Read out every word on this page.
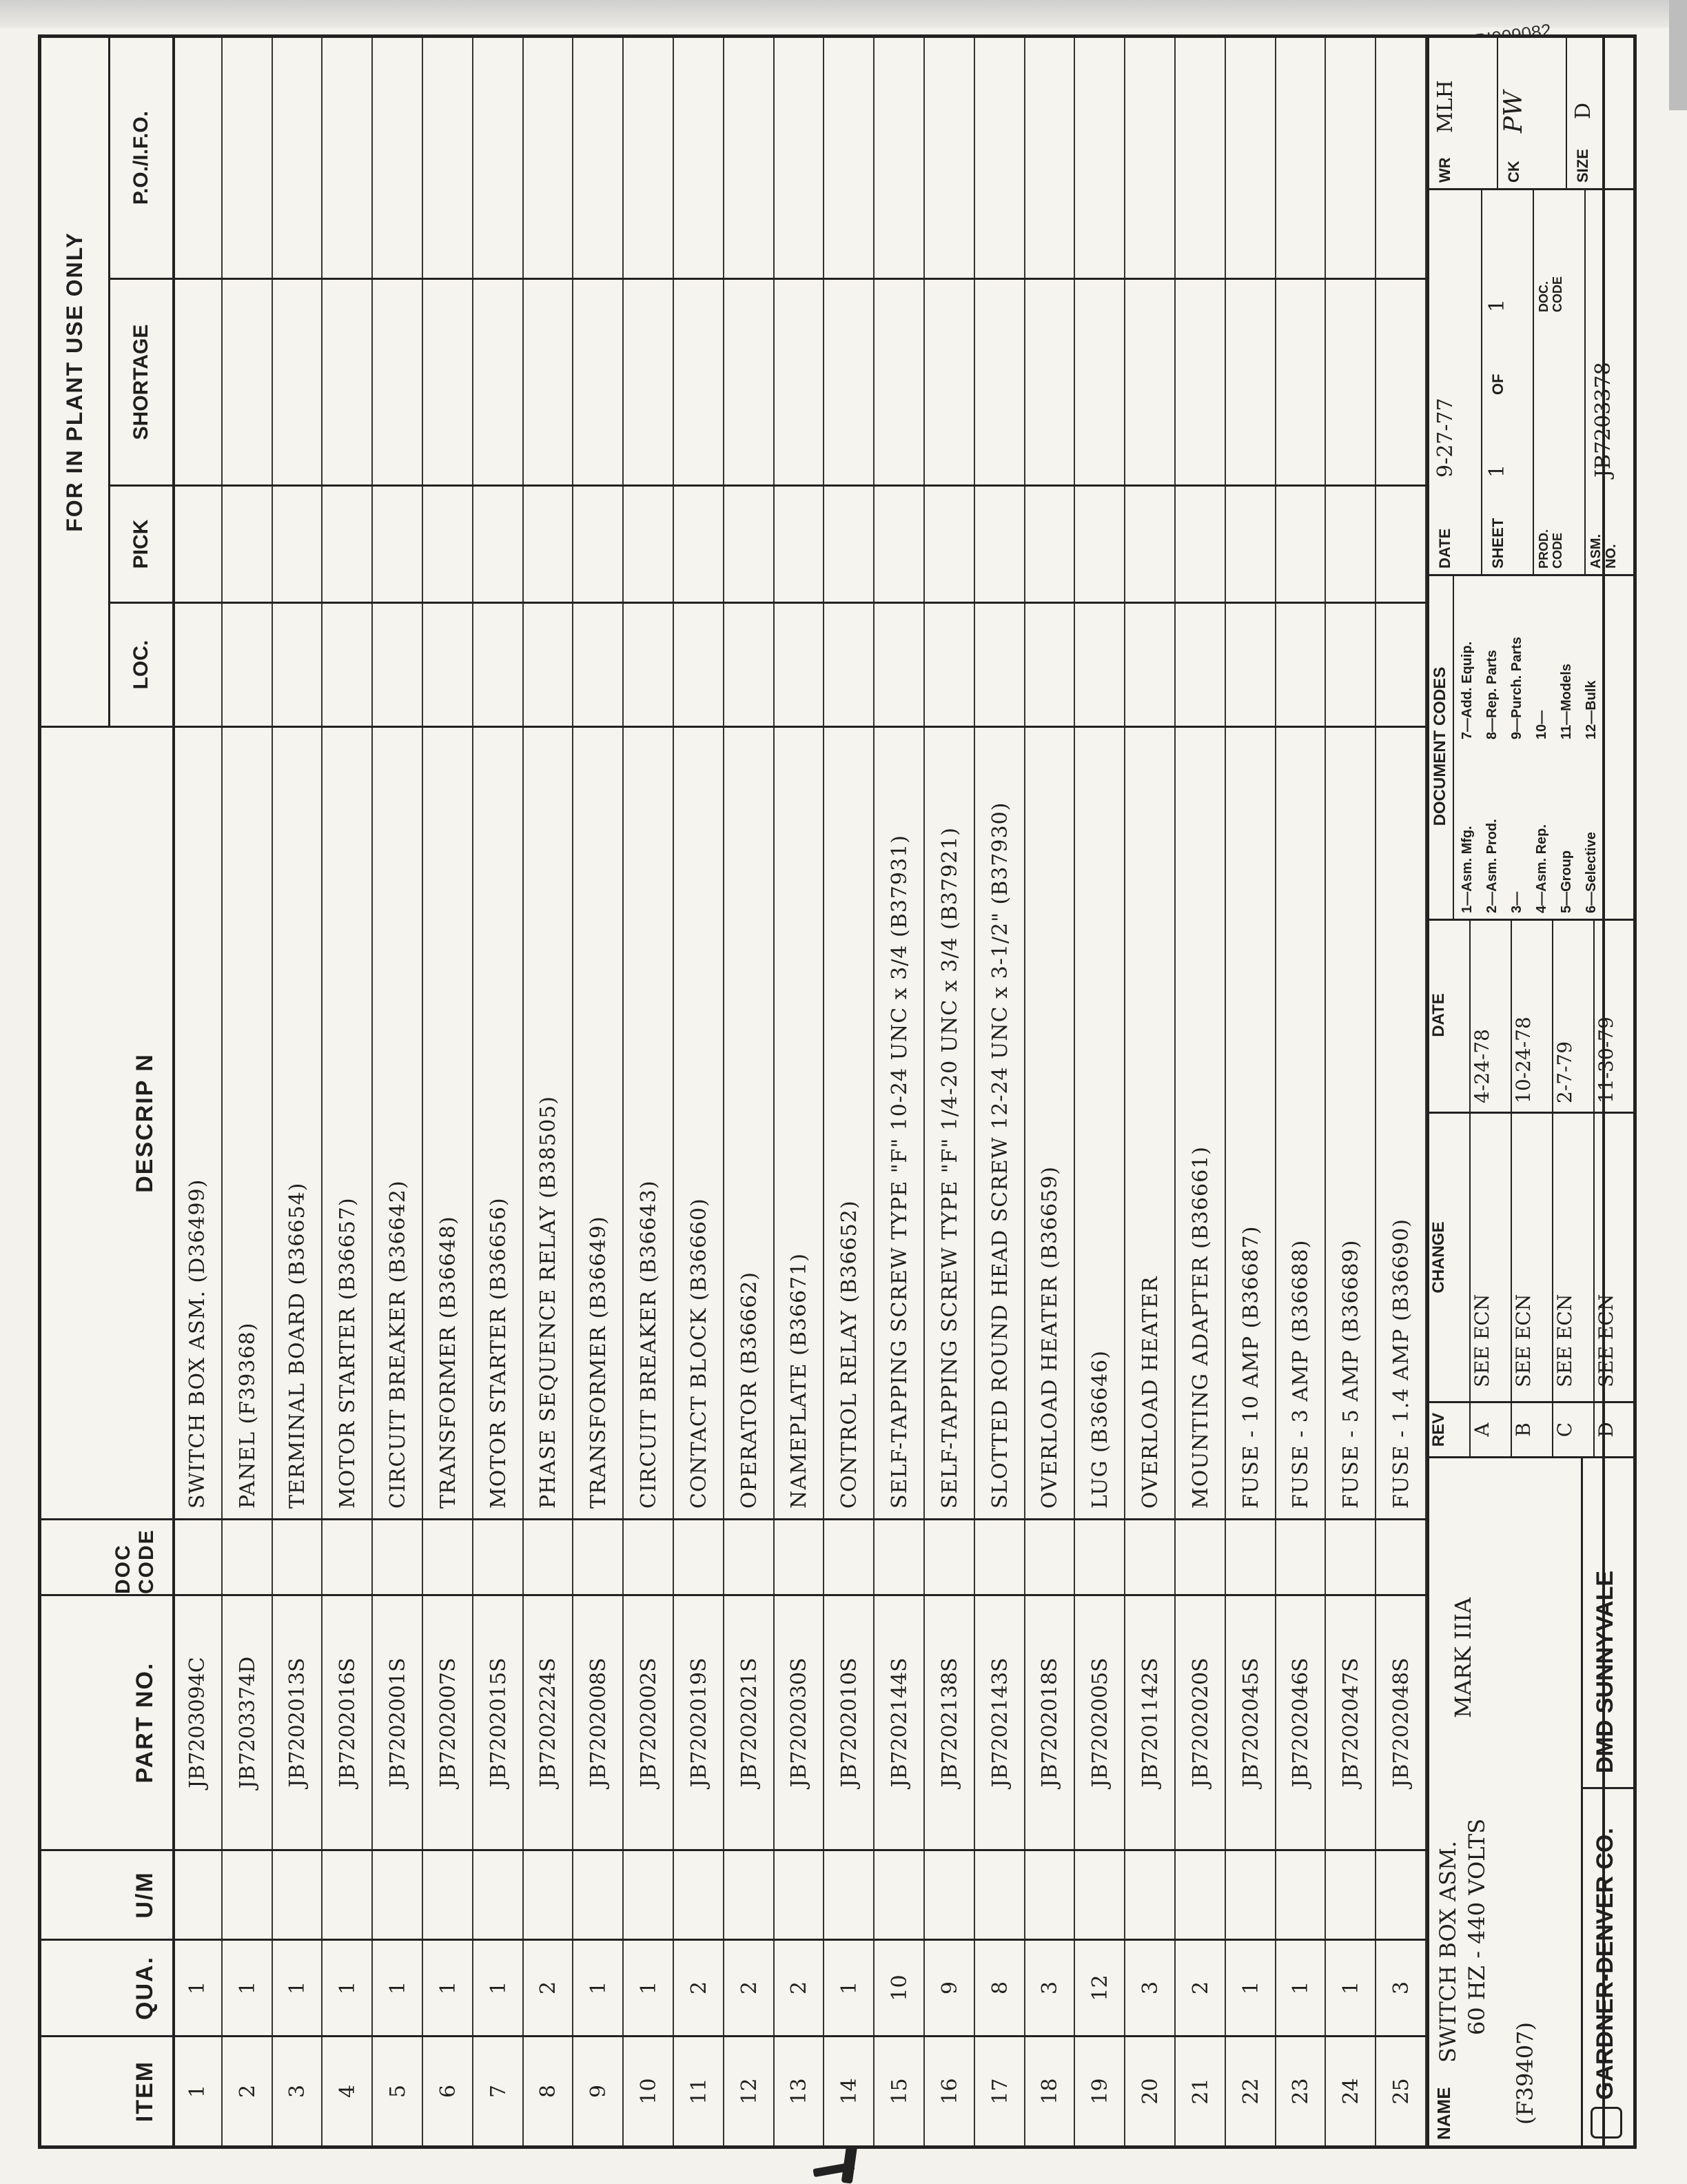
ITEM
QUA.
U/M
PART NO.
DOC CODE
DESCRIP N
FOR IN PLANT USE ONLY
LOC.
PICK
SHORTAGE
P.O./I.F.O.
1
1
JB7203094C
SWITCH BOX ASM. (D36499)
2
1
JB7203374D
PANEL (F39368)
3
1
JB7202013S
TERMINAL BOARD (B36654)
4
1
JB7202016S
MOTOR STARTER (B36657)
5
1
JB7202001S
CIRCUIT BREAKER (B36642)
6
1
JB7202007S
TRANSFORMER (B36648)
7
1
JB7202015S
MOTOR STARTER (B36656)
8
2
JB7202224S
PHASE SEQUENCE RELAY (B38505)
9
1
JB7202008S
TRANSFORMER (B36649)
10
1
JB7202002S
CIRCUIT BREAKER (B36643)
11
2
JB7202019S
CONTACT BLOCK (B36660)
12
2
JB7202021S
OPERATOR (B36662)
13
2
JB7202030S
NAMEPLATE (B36671)
14
1
JB7202010S
CONTROL RELAY (B36652)
15
10
JB7202144S
SELF-TAPPING SCREW TYPE "F" 10-24 UNC x 3/4 (B37931)
16
9
JB7202138S
SELF-TAPPING SCREW TYPE "F" 1/4-20 UNC x 3/4 (B37921)
17
8
JB7202143S
SLOTTED ROUND HEAD SCREW 12-24 UNC x 3-1/2" (B37930)
18
3
JB7202018S
OVERLOAD HEATER (B36659)
19
12
JB7202005S
LUG (B36646)
20
3
JB7201142S
OVERLOAD HEATER
21
2
JB7202020S
MOUNTING ADAPTER (B36661)
22
1
JB7202045S
FUSE - 10 AMP (B36687)
23
1
JB7202046S
FUSE - 3 AMP (B36688)
24
1
JB7202047S
FUSE - 5 AMP (B36689)
25
3
JB7202048S
FUSE - 1.4 AMP (B36690)
NAME
SWITCH BOX ASM. 60 HZ - 440 VOLTS
MARK IIIA
(F39407) GARDNER-DENVER CO.
DMD SUNNYVALE
REV
CHANGE
DATE
A
SEE ECN
4-24-78
B
SEE ECN
10-24-78
C
SEE ECN
2-7-79
D
SEE ECN
11-30-79
DOCUMENT CODES
1—Asm. Mfg. 2—Asm. Prod. 3— 4—Asm. Rep. 5—Group 6—Selective
7—Add. Equip. 8—Rep. Parts 9—Purch. Parts 10— 11—Models 12—Bulk
DATE
9-27-77
SHEET
1
OF
1
PROD. CODE
DOC. CODE
ASM. NO.
JB7203378
WR
MLH
CK
PW
SIZE
D
